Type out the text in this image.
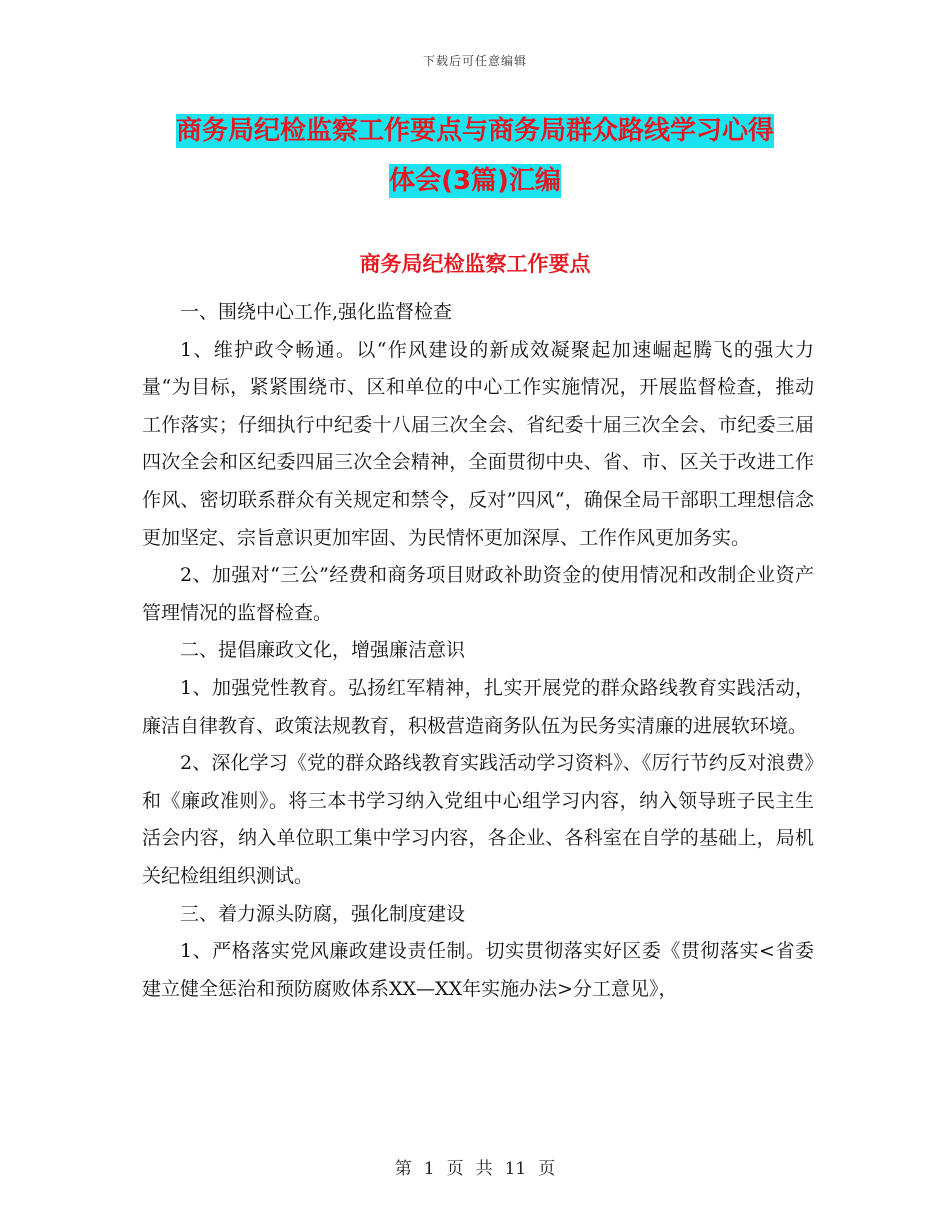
下载后可任意编辑
商务局纪检监察工作要点与商务局群众路线学习心得
体会(3篇)汇编
商务局纪检监察工作要点

一、围绕中心工作,强化监督检查

1、维护政令畅通。以“作风建设的新成效凝聚起加速崛起腾飞的强大力量“为目标，紧紧围绕市、区和单位的中心工作实施情况，开展监督检查，推动工作落实；仔细执行中纪委十八届三次全会、省纪委十届三次全会、市纪委三届四次全会和区纪委四届三次全会精神，全面贯彻中央、省、市、区关于改进工作作风、密切联系群众有关规定和禁令，反对”四风“，确保全局干部职工理想信念更加坚定、宗旨意识更加牢固、为民情怀更加深厚、工作作风更加务实。

2、加强对“三公”经费和商务项目财政补助资金的使用情况和改制企业资产管理情况的监督检查。

二、提倡廉政文化，增强廉洁意识

1、加强党性教育。弘扬红军精神，扎实开展党的群众路线教育实践活动，廉洁自律教育、政策法规教育，积极营造商务队伍为民务实清廉的进展软环境。

2、深化学习《党的群众路线教育实践活动学习资料》、《厉行节约反对浪费》和《廉政准则》。将三本书学习纳入党组中心组学习内容，纳入领导班子民主生活会内容，纳入单位职工集中学习内容，各企业、各科室在自学的基础上，局机关纪检组组织测试。

三、着力源头防腐，强化制度建设

1、严格落实党风廉政建设责任制。切实贯彻落实好区委《贯彻落实<省委建立健全惩治和预防腐败体系XX—XX年实施办法>分工意见》，

第 1 页 共 11 页
